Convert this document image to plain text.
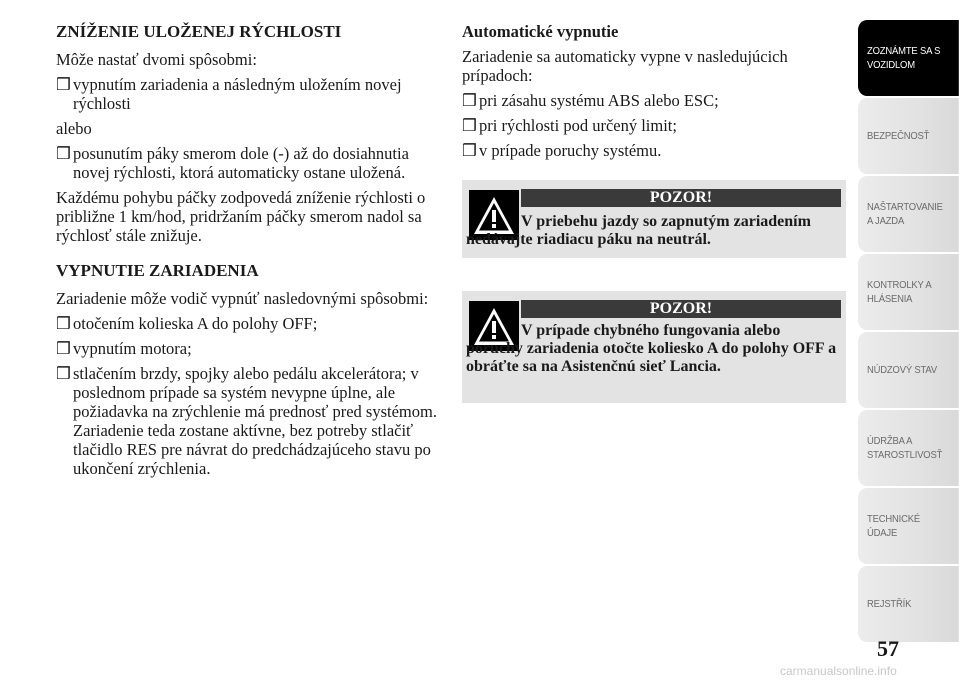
ZNÍŽENIE ULOŽENEJ RÝCHLOSTI

Môže nastať dvomi spôsobmi:

❒ vypnutím zariadenia a následným uložením novej rýchlosti

alebo

❒ posunutím páky smerom dole (-) až do dosiahnutia novej rýchlosti, ktorá automaticky ostane uložená.

Každému pohybu páčky zodpovedá zníženie rýchlosti o približne 1 km/hod, pridržaním páčky smerom nadol sa rýchlosť stále znižuje.

VYPNUTIE ZARIADENIA

Zariadenie môže vodič vypnúť nasledovnými spôsobmi:

❒ otočením kolieska A do polohy OFF;
❒ vypnutím motora;
❒ stlačením brzdy, spojky alebo pedálu akcelerátora; v poslednom prípade sa systém nevypne úplne, ale požiadavka na zrýchlenie má prednosť pred systémom. Zariadenie teda zostane aktívne, bez potreby stlačiť tlačidlo RES pre návrat do predchádzajúceho stavu po ukončení zrýchlenia.
Automatické vypnutie

Zariadenie sa automaticky vypne v nasledujúcich prípadoch:

❒ pri zásahu systému ABS alebo ESC;
❒ pri rýchlosti pod určený limit;
❒ v prípade poruchy systému.
POZOR!
V priebehu jazdy so zapnutým zariadením nedávajte riadiacu páku na neutrál.
POZOR!
V prípade chybného fungovania alebo poruchy zariadenia otočte koliesko A do polohy OFF a obráťte sa na Asistenčnú sieť Lancia.
ZOZNÁMTE SA S
VOZIDLOM
BEZPEČNOSŤ
NAŠTARTOVANIE
A JAZDA
KONTROLKY A
HLÁSENIA
NÚDZOVÝ STAV
ÚDRŽBA A
STAROSTLIVOSŤ
TECHNICKÉ
ÚDAJE
REJSTŘÍK
57
carmanualsonline.info
